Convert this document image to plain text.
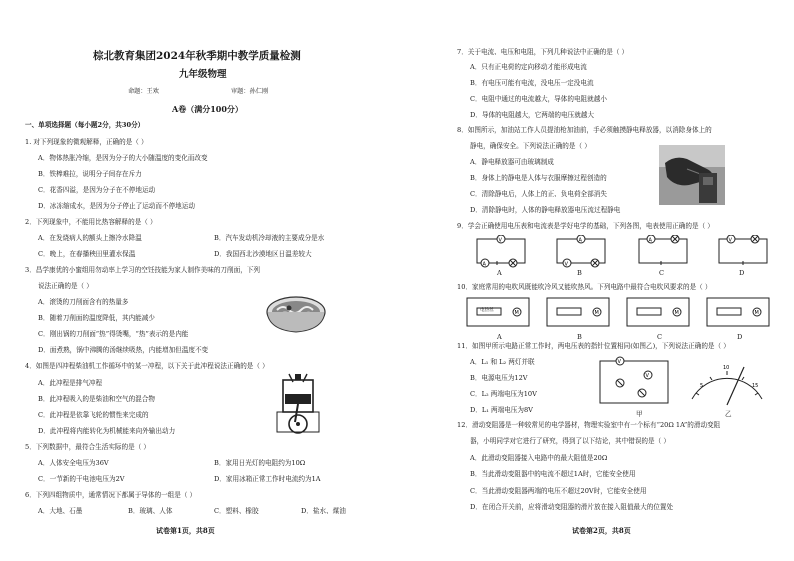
棕北教育集团2024年秋季期中教学质量检测
九年级物理
命题：王欢	审题：孙仁刚
A卷（满分100分）
一、单项选择题（每小题2分，共30分）
1. 对下列现象的微观解释，正确的是（ ）
A．物体热胀冷缩，是因为分子的大小随温度的变化而改变
B．铁棒难拉，说明分子间存在斥力
C．花香四溢，是因为分子在不停地运动
D．冰冻缩成水，是因为分子停止了运动而不停地运动
2．下列现象中，不能用比热容解释的是（ ）
A．在发烧病人的额头上擦冷水降温	B．汽车发动机冷却液的主要成分是水
C．晚上，在春播秧田里灌水保温	D．我国西北沙漠地区日温差较大
3．昌学康优的小蜜组用勿动率上学习的空饪技能为家人制作美味的刀削面，下列
说法正确的是（ ）
A．滚烫的刀削面含有的热量多
B．随着刀削面的温度降低，其内能减少
C．刚出锅的刀削面“热”得烫嘴，“热”表示的是内能
D．面煮熟，锅中沸腾的汤继续吸热，内能增加但温度不变
4．如图是四冲程柴油机工作循环中的某一冲程，以下关于此冲程说法正确的是（ ）
A．此冲程是排气冲程
B．此冲程吸入的是柴油和空气的混合物
C．此冲程是依靠飞轮的惯性来完成的
D．此冲程将内能转化为机械能来向外输出动力
5．下列数据中，最符合生活实际的是（ ）
A．人体安全电压为36V	B．家用日光灯的电阻约为10Ω
C．一节新的干电池电压为2V	D．家用冰箱正常工作时电流约为1A
6．下列四组物质中，通常情况下都属于导体的一组是（ ）
A．大地、石墨	B．玻璃、人体	C．塑料、橡胶	D．盐水、煤油
试卷第1页，共8页
7．关于电流、电压和电阻，下列几种说法中正确的是（ ）
A．只有正电荷的定向移动才能形成电流
B．有电压可能有电流，没电压一定没电流
C．电阻中通过的电流越大，导体的电阻就越小
D．导体的电阻越大，它两端的电压就越大
8．如图所示，加油站工作人员提油枪加油前，手必须触摸静电释放器，以消除身体上的
静电，确保安全。下列说法正确的是（ ）
A．静电释放器可由玻璃制成
B．身体上的静电是人体与衣服摩擦过程创造的
C．清除静电后，人体上的正、负电荷全部消失
D．清除静电时，人体的静电释放器电压流过程静电
9．学会正确使用电压表和电流表是学好电学的基础，下列各图，电表使用正确的是（ ）
V
A
A
V
A	V
A	B	C	D
10．家庭常用的电吹风既能吹冷风又能吹热风。下列电路中最符合电吹风要求的是（ ）
M	M	M	M
电热丝
A	B	C	D
11．如图甲所示电路正常工作时，两电压表的指针位置相同(如图乙)，下列说法正确的是（ ）
A．L₁ 和 L₂ 两灯并联
B．电源电压为12V
C．L₂ 两端电压为10V
D．L₁ 两端电压为8V
V
V
5
10
15
甲	乙
12．滑动变阻器是一种较常见的电学器材，物理实验室中有一个标有“20Ω 1A”的滑动变阻
器，小明同学对它进行了研究，得到了以下结论，其中错误的是（ ）
A．此滑动变阻器接入电路中的最大阻值是20Ω
B．当此滑动变阻器中的电流不超过1A时，它能安全使用
C．当此滑动变阻器两端的电压不超过20V时，它能安全使用
D．在闭合开关前，应将滑动变阻器的滑片放在接入阻值最大的位置处
试卷第2页，共8页
